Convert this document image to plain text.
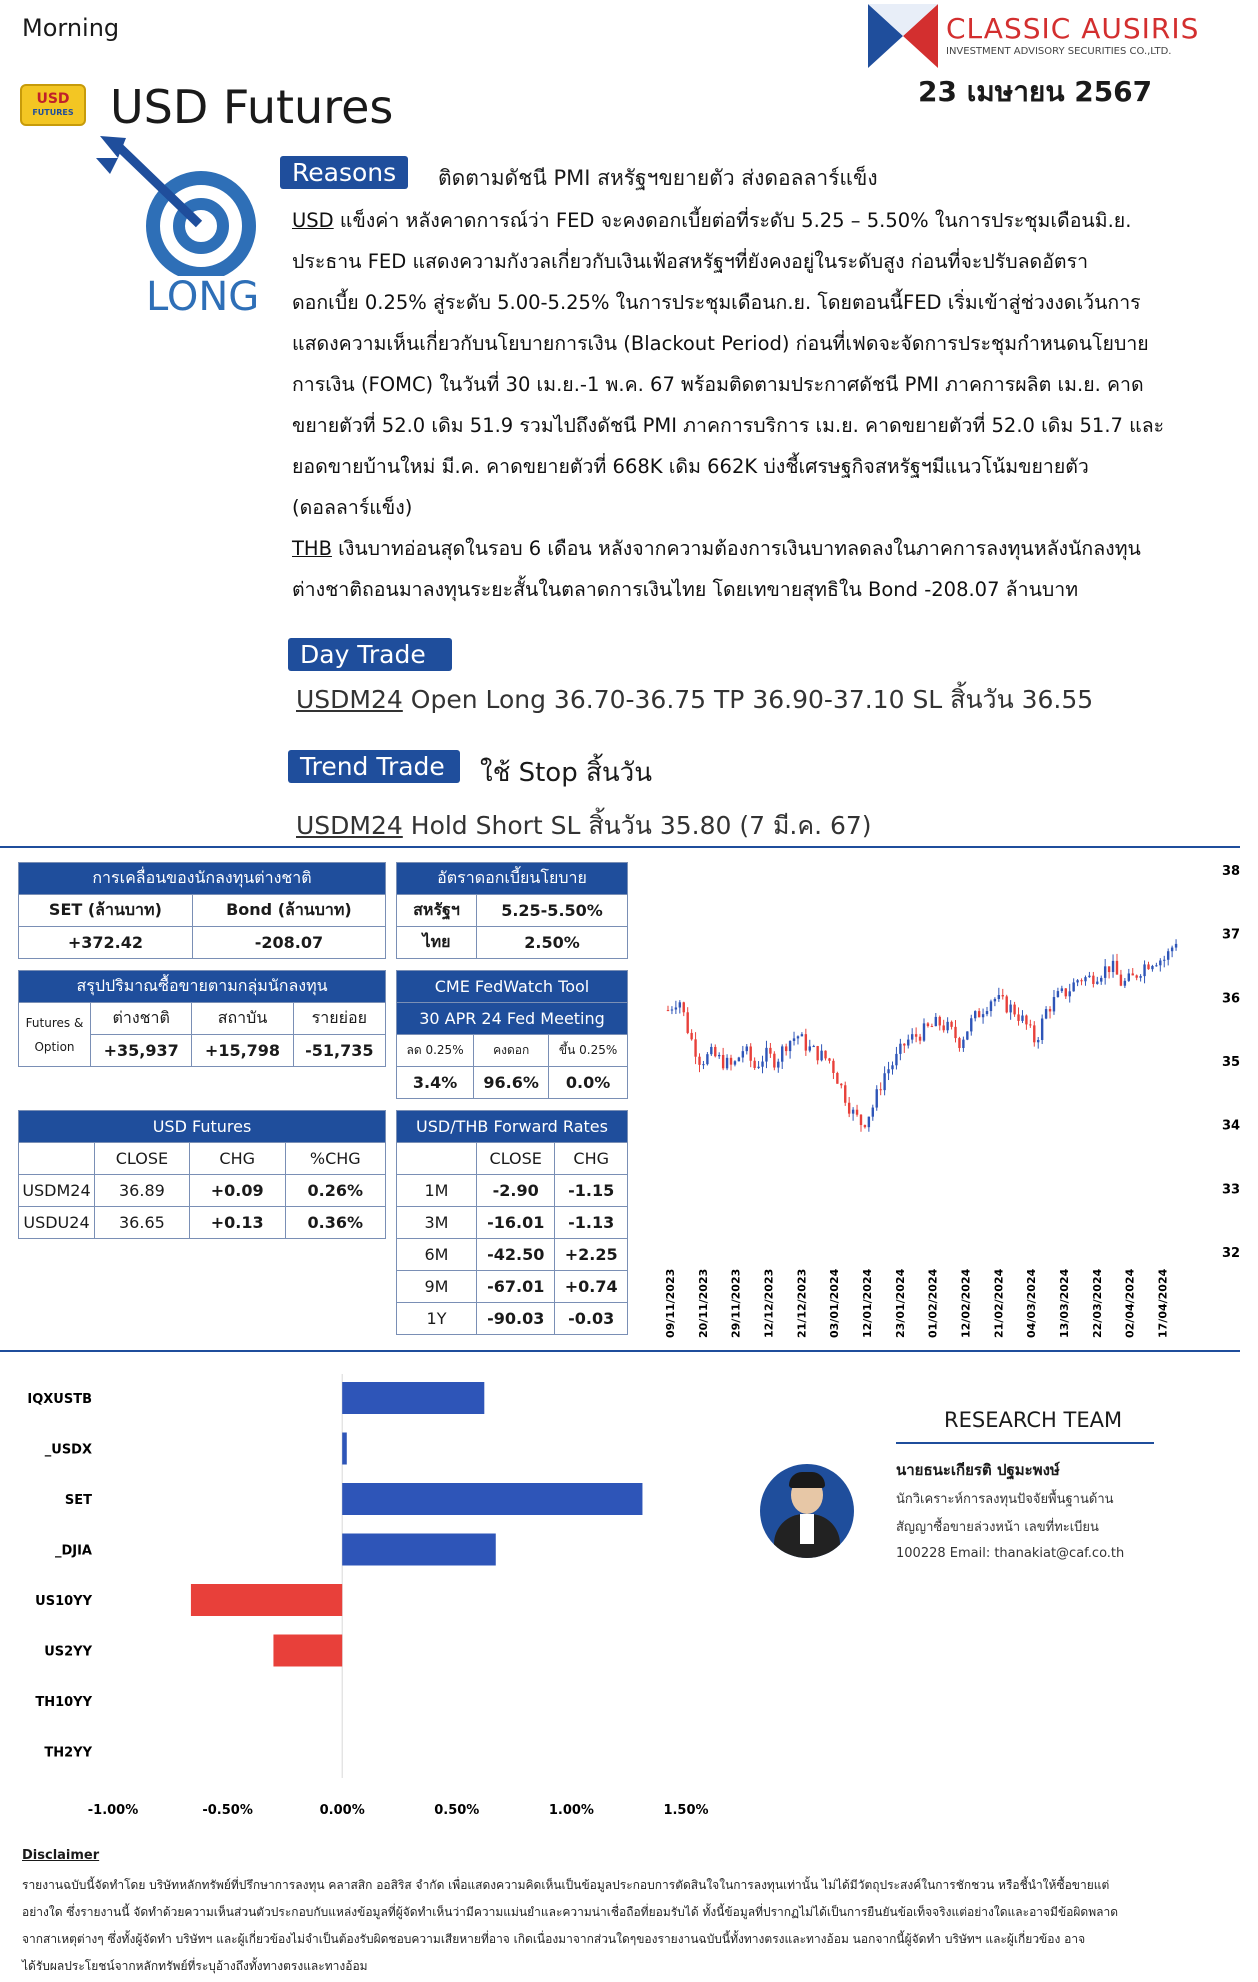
Morning
USD
FUTURES USD Futures
CLASSIC AUSIRIS
INVESTMENT ADVISORY SECURITIES CO.,LTD.
23 เมษายน 2567
LONG
Reasons	ติดตามดัชนี PMI สหรัฐฯขยายตัว ส่งดอลลาร์แข็ง
USD แข็งค่า หลังคาดการณ์ว่า FED จะคงดอกเบี้ยต่อที่ระดับ 5.25 – 5.50% ในการประชุมเดือนมิ.ย.
ประธาน FED แสดงความกังวลเกี่ยวกับเงินเฟ้อสหรัฐฯที่ยังคงอยู่ในระดับสูง ก่อนที่จะปรับลดอัตรา
ดอกเบี้ย 0.25% สู่ระดับ 5.00-5.25% ในการประชุมเดือนก.ย. โดยตอนนี้FED เริ่มเข้าสู่ช่วงงดเว้นการ
แสดงความเห็นเกี่ยวกับนโยบายการเงิน (Blackout Period) ก่อนที่เฟดจะจัดการประชุมกำหนดนโยบาย
การเงิน (FOMC) ในวันที่ 30 เม.ย.-1 พ.ค. 67 พร้อมติดตามประกาศดัชนี PMI ภาคการผลิต เม.ย. คาด
ขยายตัวที่ 52.0 เดิม 51.9 รวมไปถึงดัชนี PMI ภาคการบริการ เม.ย. คาดขยายตัวที่ 52.0 เดิม 51.7 และ
ยอดขายบ้านใหม่ มี.ค. คาดขยายตัวที่ 668K เดิม 662K บ่งชี้เศรษฐกิจสหรัฐฯมีแนวโน้มขยายตัว
(ดอลลาร์แข็ง)
THB เงินบาทอ่อนสุดในรอบ 6 เดือน หลังจากความต้องการเงินบาทลดลงในภาคการลงทุนหลังนักลงทุน
ต่างชาติถอนมาลงทุนระยะสั้นในตลาดการเงินไทย โดยเทขายสุทธิใน Bond -208.07 ล้านบาท
Day Trade
USDM24 Open Long 36.70-36.75 TP 36.90-37.10 SL สิ้นวัน 36.55
Trend Trade	ใช้ Stop สิ้นวัน
USDM24 Hold Short SL สิ้นวัน 35.80 (7 มี.ค. 67)
การเคลื่อนของนักลงทุนต่างชาติ	
SET (ล้านบาท)	Bond (ล้านบาท)
+372.42	-208.07
อัตราดอกเบี้ยนโยบาย	
สหรัฐฯ	5.25-5.50%
ไทย	2.50%
สรุปปริมาณซื้อขายตามกลุ่มนักลงทุน			

Futures &
Option	ต่างชาติ	สถาบัน	รายย่อย
	+35,937	+15,798	-51,735
CME FedWatch Tool		
30 APR 24 Fed Meeting		
ลด 0.25%	คงดอก	ขึ้น 0.25%
3.4%	96.6%	0.0%
USD Futures			
	CLOSE	CHG	%CHG
USDM24	36.89	+0.09	0.26%
USDU24	36.65	+0.13	0.36%
USD/THB Forward Rates		
	CLOSE	CHG
1M	-2.90	-1.15
3M	-16.01	-1.13
6M	-42.50	+2.25
9M	-67.01	+0.74
1Y	-90.03	-0.03
38
37
36
35
34
33
32
09/11/2023 20/11/2023 29/11/2023 12/12/2023 21/12/2023 03/01/2024 12/01/2024 23/01/2024 01/02/2024 12/02/2024 21/02/2024 04/03/2024 13/03/2024 22/03/2024 02/04/2024 17/04/2024
IQXUSTB
_USDX
SET
_DJIA
US10YY
US2YY
TH10YY
TH2YY
-1.00%	-0.50%	0.00%	0.50%	1.00%	1.50%
RESEARCH TEAM
นายธนะเกียรติ ปฐมะพงษ์
นักวิเคราะห์การลงทุนปัจจัยพื้นฐานด้าน
สัญญาซื้อขายล่วงหน้า เลขที่ทะเบียน
100228 Email: thanakiat@caf.co.th
Disclaimer
รายงานฉบับนี้จัดทำโดย บริษัทหลักทรัพย์ที่ปรึกษาการลงทุน คลาสสิก ออสิริส จำกัด เพื่อแสดงความคิดเห็นเป็นข้อมูลประกอบการตัดสินใจในการลงทุนเท่านั้น ไม่ได้มีวัตถุประสงค์ในการชักชวน หรือชี้นำให้ซื้อขายแต่
อย่างใด ซึ่งรายงานนี้ จัดทำด้วยความเห็นส่วนตัวประกอบกับแหล่งข้อมูลที่ผู้จัดทำเห็นว่ามีความแม่นยำและความน่าเชื่อถือที่ยอมรับได้ ทั้งนี้ข้อมูลที่ปรากฏไม่ได้เป็นการยืนยันข้อเท็จจริงแต่อย่างใดและอาจมีข้อผิดพลาด
จากสาเหตุต่างๆ ซึ่งทั้งผู้จัดทำ บริษัทฯ และผู้เกี่ยวข้องไม่จำเป็นต้องรับผิดชอบความเสียหายที่อาจ เกิดเนื่องมาจากส่วนใดๆของรายงานฉบับนี้ทั้งทางตรงและทางอ้อม นอกจากนี้ผู้จัดทำ บริษัทฯ และผู้เกี่ยวข้อง อาจ
ได้รับผลประโยชน์จากหลักทรัพย์ที่ระบุอ้างถึงทั้งทางตรงและทางอ้อม
